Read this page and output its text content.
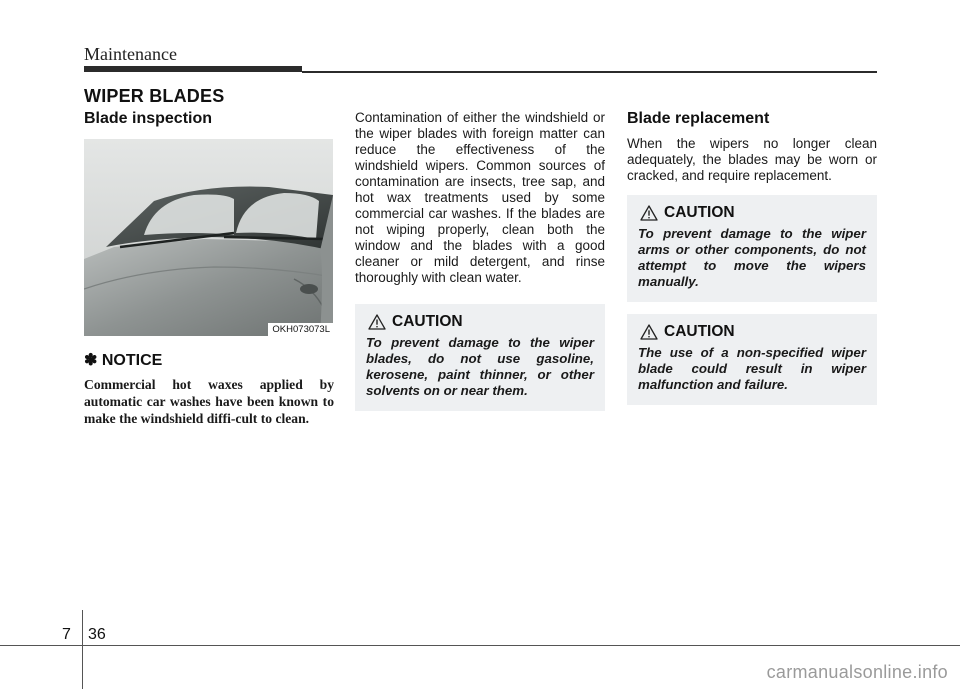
Maintenance
WIPER BLADES
Blade inspection
OKH073073L
✽ NOTICE
Commercial hot waxes applied by automatic car washes have been known to make the windshield diffi-cult to clean.
Contamination of either the windshield or the wiper blades with foreign matter can reduce the effectiveness of the windshield wipers. Common sources of contamination are insects, tree sap, and hot wax treatments used by some commercial car washes. If the blades are not wiping properly, clean both the window and the blades with a good cleaner or mild detergent, and rinse thoroughly with clean water.
CAUTION
To prevent damage to the wiper blades, do not use gasoline, kerosene, paint thinner, or other solvents on or near them.
Blade replacement
When the wipers no longer clean adequately, the blades may be worn or cracked, and require replacement.
CAUTION
To prevent damage to the wiper arms or other components, do not attempt to move the wipers manually.
CAUTION
The use of a non-specified wiper blade could result in wiper malfunction and failure.
7 36
carmanualsonline.info
